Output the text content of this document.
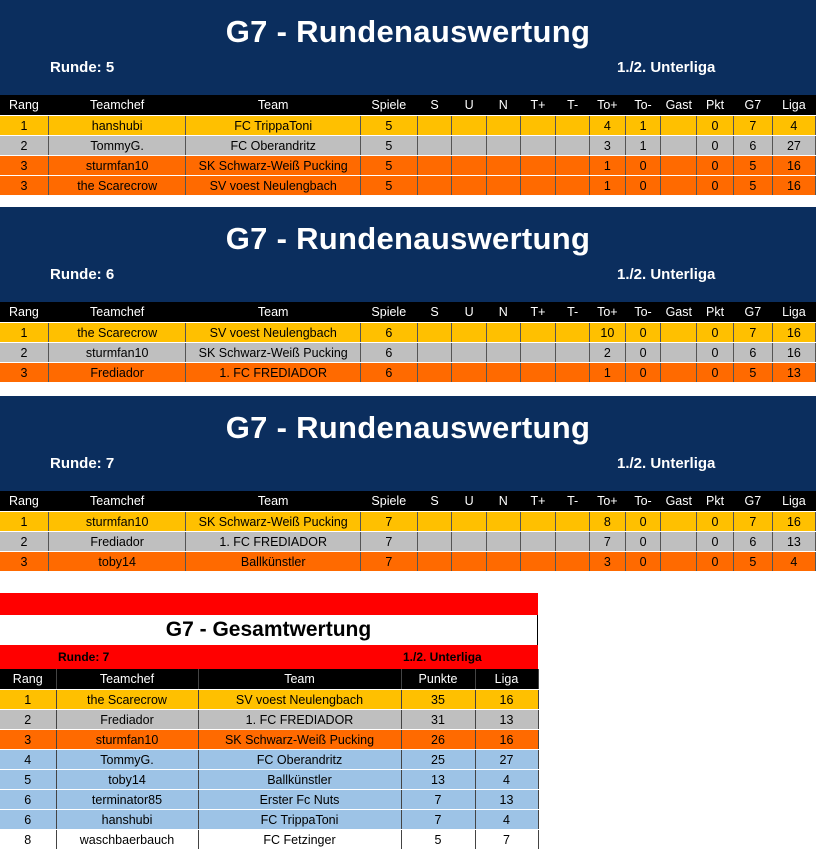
G7 - Rundenauswertung
Runde: 5	1./2. Unterliga
Rang	Teamchef	Team	Spiele	S	U	N	T+	T-	To+	To-	Gast	Pkt	G7	Liga
1	hanshubi	FC TrippaToni	5						4	1		0	7	4
2	TommyG.	FC Oberandritz	5						3	1		0	6	27
3	sturmfan10	SK Schwarz-Weiß Pucking	5						1	0		0	5	16
3	the Scarecrow	SV voest Neulengbach	5						1	0		0	5	16
G7 - Rundenauswertung
Runde: 6	1./2. Unterliga
Rang	Teamchef	Team	Spiele	S	U	N	T+	T-	To+	To-	Gast	Pkt	G7	Liga
1	the Scarecrow	SV voest Neulengbach	6						10	0		0	7	16
2	sturmfan10	SK Schwarz-Weiß Pucking	6						2	0		0	6	16
3	Frediador	1. FC FREDIADOR	6						1	0		0	5	13
G7 - Rundenauswertung
Runde: 7	1./2. Unterliga
Rang	Teamchef	Team	Spiele	S	U	N	T+	T-	To+	To-	Gast	Pkt	G7	Liga
1	sturmfan10	SK Schwarz-Weiß Pucking	7						8	0		0	7	16
2	Frediador	1. FC FREDIADOR	7						7	0		0	6	13
3	toby14	Ballkünstler	7						3	0		0	5	4
G7 - Gesamtwertung
Runde: 7	1./2. Unterliga
Rang	Teamchef	Team	Punkte	Liga
1	the Scarecrow	SV voest Neulengbach	35	16
2	Frediador	1. FC FREDIADOR	31	13
3	sturmfan10	SK Schwarz-Weiß Pucking	26	16
4	TommyG.	FC Oberandritz	25	27
5	toby14	Ballkünstler	13	4
6	terminator85	Erster Fc Nuts	7	13
6	hanshubi	FC TrippaToni	7	4
8	waschbaerbauch	FC Fetzinger	5	7
